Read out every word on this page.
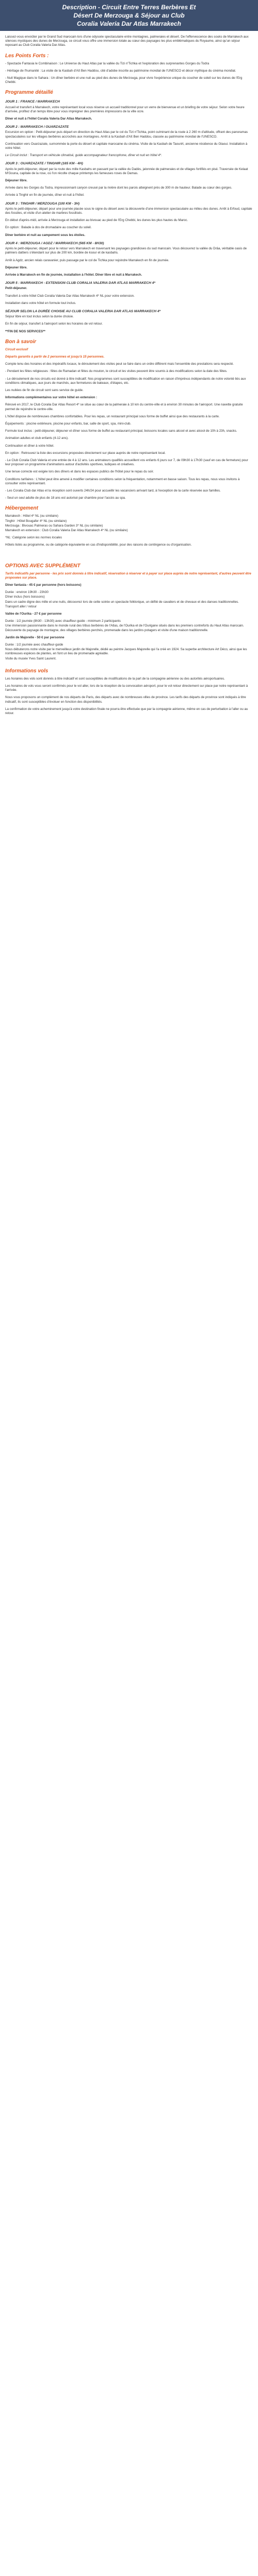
Description - Circuit Entre Terres Berbères Et
Désert De Merzouga & Séjour au Club
Coralia Valeria Dar Atlas Marrakech

Laissez-vous envoûter par le Grand Sud marocain lors d'une odyssée spectaculaire entre montagnes, palmeraies et désert. De l'effervescence des souks de Marrakech aux silences mystiques des dunes de Merzouga, ce circuit vous offre une immersion totale au cœur des paysages les plus emblématiques du Royaume, ainsi qu'un séjour reposant au Club Coralia Valeria Dar Atlas.

Les Points Forts :

- Spectacle Fantasia le Combinaison : Le Universe du Haut Atlas par la vallée du Tizi n'Tichka et l'exploration des surprenantes Gorges du Todra

- Héritage de l'humanité : La visite de la Kasbah d'Aït Ben Haddou, cité d'adobe inscrite au patrimoine mondial de l'UNESCO et décor mythique du cinéma mondial.

- Nuit Magique dans le Sahara : Un dîner berbère et une nuit au pied des dunes de Merzouga, pour vivre l'expérience unique du coucher de soleil sur les dunes de l'Erg Chebbi.

Programme détaillé
JOUR 1 : FRANCE / MARRAKECH

Accueil et transfert à Marrakech, votre représentant local vous réserve un accueil traditionnel pour un verre de bienvenue et un briefing de votre séjour. Selon votre heure d'arrivée, profitez d'un temps libre pour vous imprégner des premières impressions de la ville ocre.

Dîner et nuit à l'hôtel Coralia Valeria Dar Atlas Marrakech.

JOUR 2 : MARRAKECH / OUARZAZATE

Excursion en option : Petit-déjeuner puis départ en direction du Haut Atlas par le col du Tizi n'Tichka, point culminant de la route à 2 260 m d'altitude, offrant des panoramas spectaculaires sur les villages berbères accrochés aux montagnes. Arrêt à la Kasbah d'Aït Ben Haddou, classée au patrimoine mondial de l'UNESCO.

Continuation vers Ouarzazate, surnommée la porte du désert et capitale marocaine du cinéma. Visite de la Kasbah de Taourirt, ancienne résidence du Glaoui. Installation à votre hôtel.

Le Circuit inclut : Transport en véhicule climatisé, guide accompagnateur francophone, dîner et nuit en hôtel 4*.

JOUR 3 : OUARZAZATE / TINGHIR (165 KM - 4H)

Après le petit-déjeuner, départ par la route des mille Kasbahs en passant par la vallée du Dadès, jalonnée de palmeraies et de villages fortifiés en pisé. Traversée de Kelaat M'Gouna, capitale de la rose, où l'on récolte chaque printemps les fameuses roses de Damas.

Déjeuner libre.

Arrivée dans les Gorges du Todra, impressionnant canyon creusé par la rivière dont les parois atteignent près de 300 m de hauteur. Balade au cœur des gorges.

Arrivée à Tinghir en fin de journée, dîner et nuit à l'hôtel.

JOUR 3 : TINGHIR / MERZOUGA (100 KM - 3H)

Après le petit-déjeuner, départ pour une journée placée sous le signe du désert avec la découverte d'une immersion spectaculaire au milieu des dunes. Arrêt à Erfoud, capitale des fossiles, et visite d'un atelier de marbres fossilisés.

En début d'après-midi, arrivée à Merzouga et installation au bivouac au pied de l'Erg Chebbi, les dunes les plus hautes du Maroc.

En option : Balade à dos de dromadaire au coucher du soleil.

Dîner berbère et nuit au campement sous les étoiles.

JOUR 4 : MERZOUGA / AGDZ / MARRAKECH (565 KM - 8H30)

Après le petit-déjeuner, départ pour le retour vers Marrakech en traversant les paysages grandioses du sud marocain. Vous découvrez la vallée du Drâa, véritable oasis de palmiers dattiers s'étendant sur plus de 200 km, bordée de ksour et de kasbahs.

Arrêt à Agdz, ancien relais caravanier, puis passage par le col de Tichka pour rejoindre Marrakech en fin de journée.

Déjeuner libre.

Arrivée à Marrakech en fin de journée, installation à l'hôtel. Dîner libre et nuit à Marrakech.

JOUR 5 : MARRAKECH - EXTENSION CLUB CORALIA VALERIA DAR ATLAS MARRAKECH 4*

Petit-déjeuner.

Transfert à votre hôtel Club Coralia Valeria Dar Atlas Marrakech 4* NL pour votre extension.

Installation dans votre hôtel en formule tout inclus.

SÉJOUR SELON LA DURÉE CHOISIE AU CLUB CORALIA VALERIA DAR ATLAS MARRAKECH 4*

Séjour libre en tout inclus selon la durée choisie.

En fin de séjour, transfert à l'aéroport selon les horaires de vol retour.

**FIN DE NOS SERVICES**

Bon à savoir

Circuit exclusif

Départs garantis à partir de 2 personnes et jusqu'à 15 personnes.

Compte tenu des horaires et des impératifs locaux, le déroulement des visites peut se faire dans un ordre différent mais l'ensemble des prestations sera respecté.

- Pendant les fêtes religieuses : fêtes de Ramadan et fêtes du mouton, le circuit et les visites peuvent être soumis à des modifications selon la date des fêtes.

- Le déroulement de nos circuits est donné à titre indicatif. Nos programmes sont susceptibles de modification en raison d'imprévus indépendants de notre volonté liés aux conditions climatiques, aux jours de marchés, aux fermetures de bateaux, d'étapes, etc.

Les nuitées de fin de circuit sont sans service de guide.

Informations complémentaires sur votre hôtel en extension :

Rénové en 2017, le Club Coralia Dar Atlas Resort 4* se situe au cœur de la palmeraie à 10 km du centre-ville et à environ 30 minutes de l'aéroport. Une navette gratuite permet de rejoindre le centre-ville.

L'hôtel dispose de nombreuses chambres confortables. Pour les repas, un restaurant principal sous forme de buffet ainsi que des restaurants à la carte.

Équipements : piscine extérieure, piscine pour enfants, bar, salle de sport, spa, mini-club.

Formule tout inclus : petit-déjeuner, déjeuner et dîner sous forme de buffet au restaurant principal, boissons locales sans alcool et avec alcool de 10h à 23h, snacks.

Animation adultes et club enfants (4-12 ans).

Continuation et dîner à votre hôtel.

En option : Retrouvez la liste des excursions proposées directement sur place auprès de notre représentant local.

- Le Club Coralia Club Valeria et une entrée de 4 à 12 ans. Les animateurs qualifiés accueillent vos enfants 6 jours sur 7, de 09h30 à 17h30 (sauf en cas de fermeture) pour leur proposer un programme d'animations autour d'activités sportives, ludiques et créatives.

Une tenue correcte est exigée lors des dîners et dans les espaces publics de l'hôtel pour le repas du soir.

Conditions tarifaires : L'hôtel peut être amené à modifier certaines conditions selon la fréquentation, notamment en basse saison. Tous les repas, nous vous invitons à consulter votre représentant.

- Les Coralia Club dar Atlas et la réception sont ouverts 24h/24 pour accueillir les vacanciers arrivant tard, à l'exception de la carte réservée aux familles.

- Seul un seul adulte de plus de 18 ans est autorisé par chambre pour l'accès au spa.

Hébergement

Marrakech : Hôtel 4* NL (ou similaire)

Tinghir : Hôtel Bougafer 4* NL (ou similaire)

Merzouga : Bivouac Palmeras ou Sahara Garden 3* NL (ou similaire)

Marrakech en extension : Club Coralia Valeria Dar Atlas Marrakech 4* NL (ou similaire)

*NL: Catégorie selon les normes locales

Hôtels listés au programme, ou de catégorie équivalente en cas d'indisponibilité, pour des raisons de contingence ou d'organisation.

OPTIONS AVEC SUPPLÉMENT

Tarifs indicatifs par personne - les prix sont donnés à titre indicatif, réservation à réserver et à payer sur place auprès de notre représentant, d'autres peuvent être proposées sur place.

Dîner fantasia - 45 € par personne (hors boissons)

Durée : environ 19h30 - 23h30

Dîner inclus (hors boissons)

Dans un cadre digne des mille et une nuits, découvrez lors de cette soirée un spectacle folklorique, un défilé de cavaliers et de chevaux et des danses traditionnelles.

Transport aller / retour

Vallée de l'Ourika - 27 € par personne

Durée : 1/2 journée (8h30 - 13h30) avec chauffeur-guide - minimum 2 participants

Une immersion passionnante dans le monde rural des tribus berbères de l'Atlas, de l'Ourika et de l'Ourigane situés dans les premiers contreforts du Haut Atlas marocain. Découverte du paysage de montagne, des villages berbères perchés, promenade dans les jardins potagers et visite d'une maison traditionnelle.

Jardin de Majorelle - 50 € par personne

Durée : 1/2 journée avec chauffeur-guide

Nous débuterons notre visite par le merveilleux jardin de Majorelle, dédié au peintre Jacques Majorelle qui l'a créé en 1924. Sa superbe architecture Art Déco, ainsi que les nombreuses espèces de plantes, en font un lieu de promenade agréable.

Visite du musée Yves Saint Laurent.

Informations vols

Les horaires des vols sont donnés à titre indicatif et sont susceptibles de modifications de la part de la compagnie aérienne ou des autorités aéroportuaires.

Les horaires de vols vous seront confirmés pour le vol aller, lors de la réception de la convocation aéroport, pour le vol retour directement sur place par notre représentant à l'arrivée.

Nous vous proposons un complément de nos départs de Paris, des départs avec de nombreuses villes de province. Les tarifs des départs de province sont indiqués à titre indicatif, ils sont susceptibles d'évoluer en fonction des disponibilités.

La confirmation de votre acheminement jusqu'à votre destination finale ne pourra être effectuée que par la compagnie aérienne, même en cas de perturbation à l'aller ou au retour.
